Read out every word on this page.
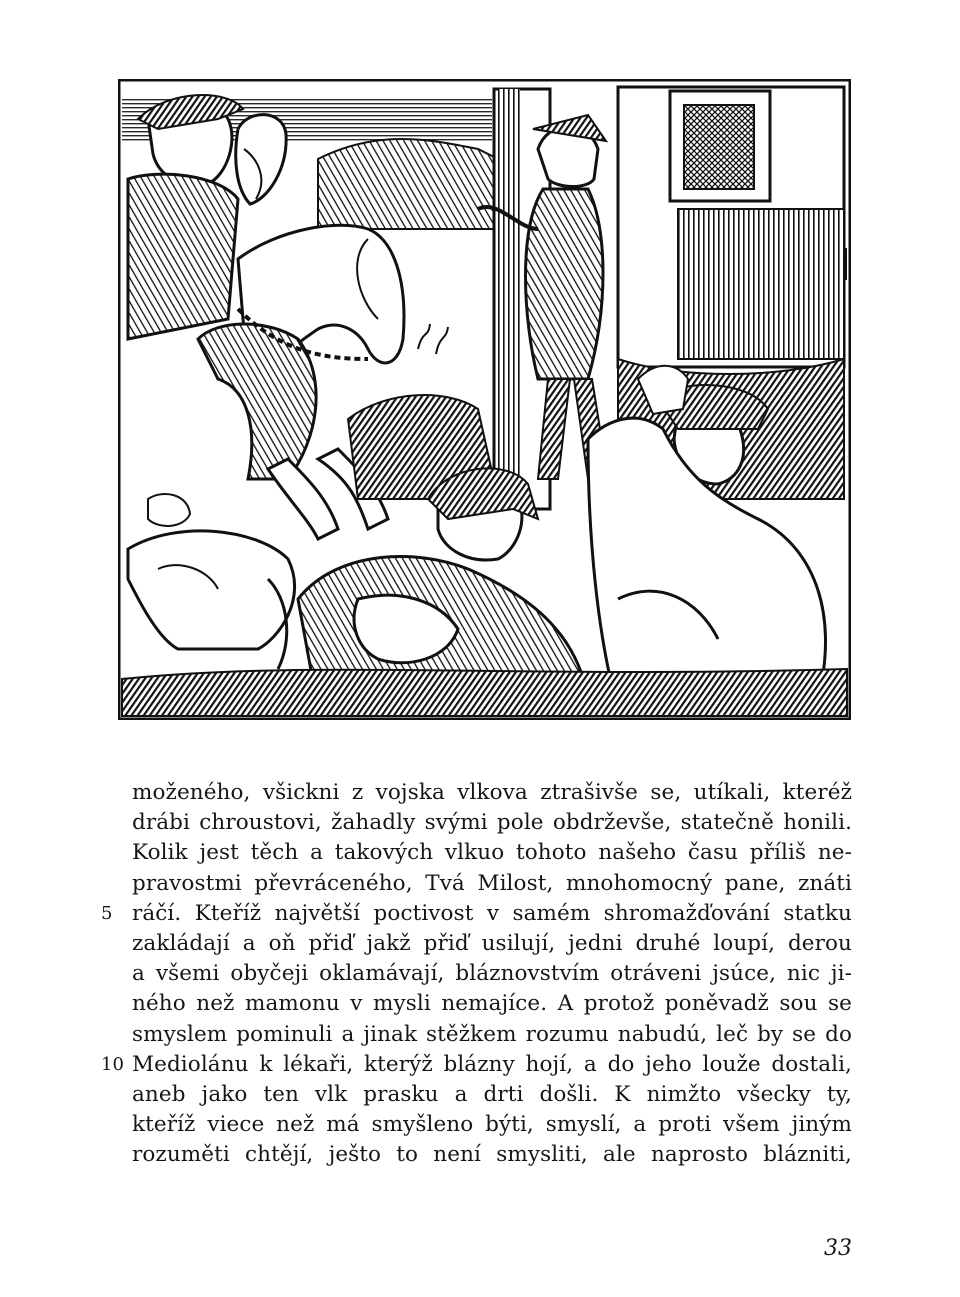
moženého, všickni z vojska vlkova ztrašivše se, utíkali, kteréž
drábi chroustovi, žahadly svými pole obdrževše, statečně honili.
Kolik jest těch a takových vlkuo tohoto našeho času příliš ne-
pravostmi převráceného, Tvá Milost, mnohomocný pane, znáti
5 ráčí. Kteříž najvětší poctivost v samém shromažďování statku
zakládají a oň přiď jakž přiď usilují, jedni druhé loupí, derou
a všemi obyčeji oklamávají, bláznovstvím otráveni jsúce, nic ji-
ného než mamonu v mysli nemajíce. A protož poněvadž sou se
smyslem pominuli a jinak stěžkem rozumu nabudú, leč by se do
10 Mediolánu k lékaři, kterýž blázny hojí, a do jeho louže dostali,
aneb jako ten vlk prasku a drti došli. K nimžto všecky ty,
kteříž viece než má smyšleno býti, smyslí, a proti všem jiným
rozuměti chtějí, ješto to není smysliti, ale naprosto blázniti,
33
